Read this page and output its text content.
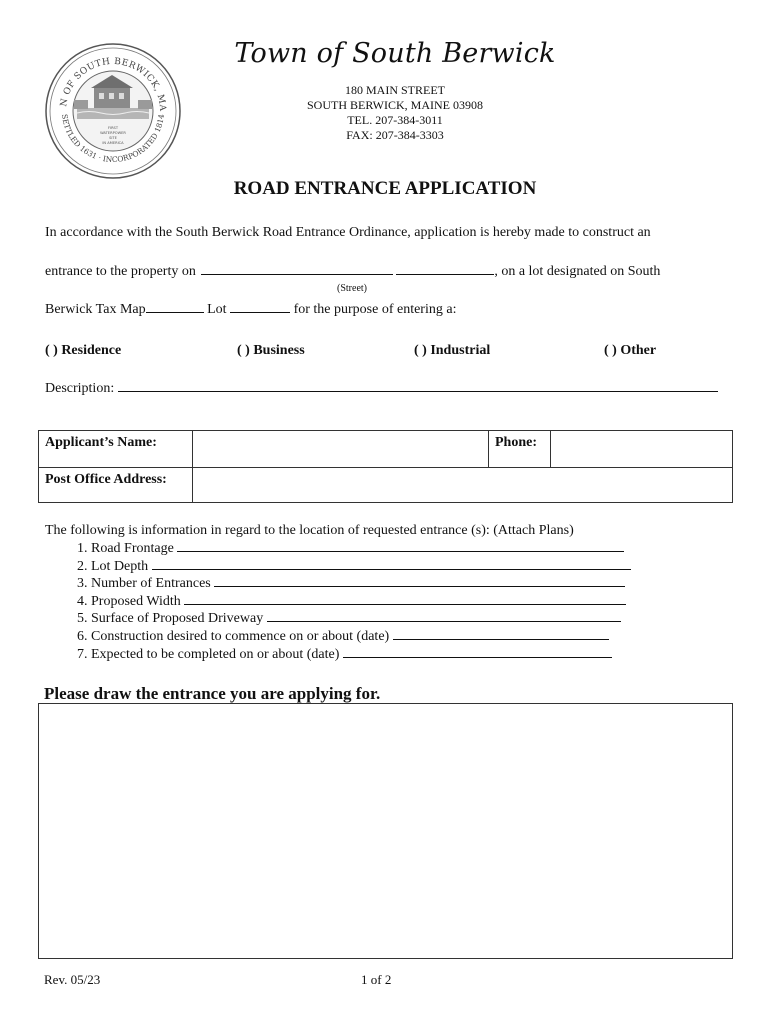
N OF SOUTH BERWICK, MA
SETTLED 1631 · INCORPORATED 1814
FIRST
WATERPOWER
SITE
IN AMERICA
Town of South Berwick
180 MAIN STREET
SOUTH BERWICK, MAINE 03908
TEL. 207-384-3011
FAX: 207-384-3303
ROAD ENTRANCE APPLICATION
In accordance with the South Berwick Road Entrance Ordinance, application is hereby made to construct an
entrance to the property on	, on a lot designated on South
(Street)
Berwick Tax Map	Lot	for the purpose of entering a:
( ) Residence	( ) Business	( ) Industrial	( ) Other
Description:
Applicant’s Name:		Phone:	
Post Office Address:			
The following is information in regard to the location of requested entrance (s): (Attach Plans)
1. Road Frontage
2. Lot Depth
3. Number of Entrances
4. Proposed Width
5. Surface of Proposed Driveway
6. Construction desired to commence on or about (date)
7. Expected to be completed on or about (date)
Please draw the entrance you are applying for.
Rev. 05/23	1 of 2
